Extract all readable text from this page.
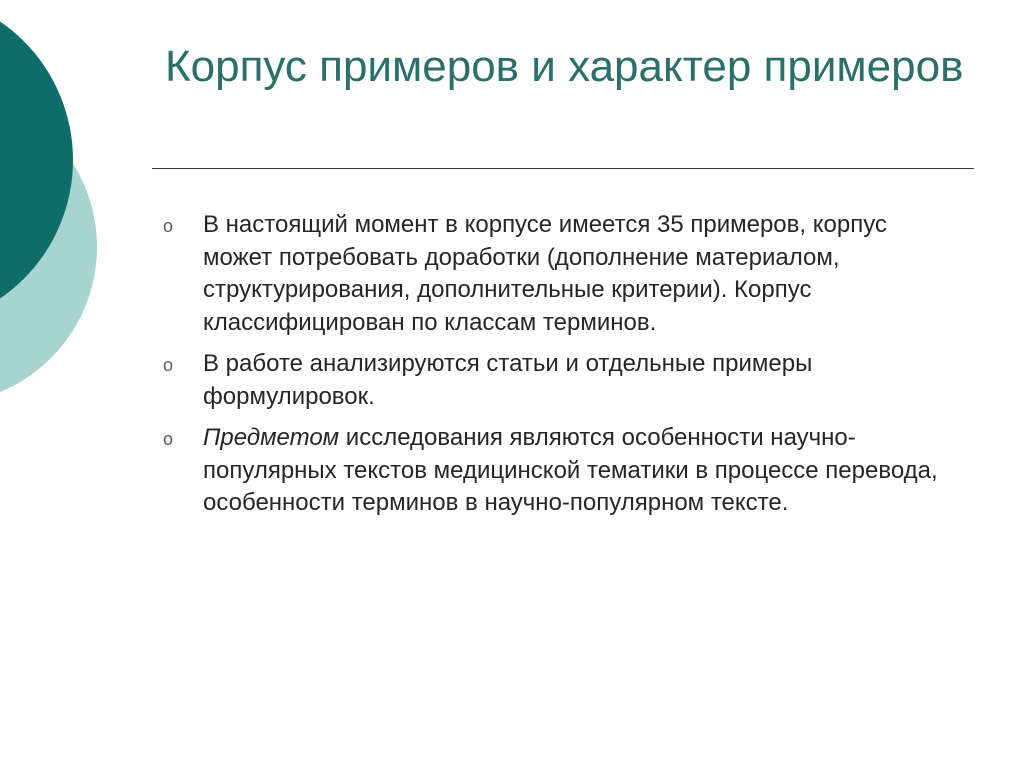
Корпус примеров и характер примеров
o В настоящий момент в корпусе имеется 35 примеров, корпус может потребовать доработки (дополнение материалом, структурирования, дополнительные критерии). Корпус классифицирован по классам терминов.
o В работе анализируются статьи и отдельные примеры формулировок.
o Предметом исследования являются особенности научно-популярных текстов медицинской тематики в процессе перевода, особенности терминов в научно-популярном тексте.
